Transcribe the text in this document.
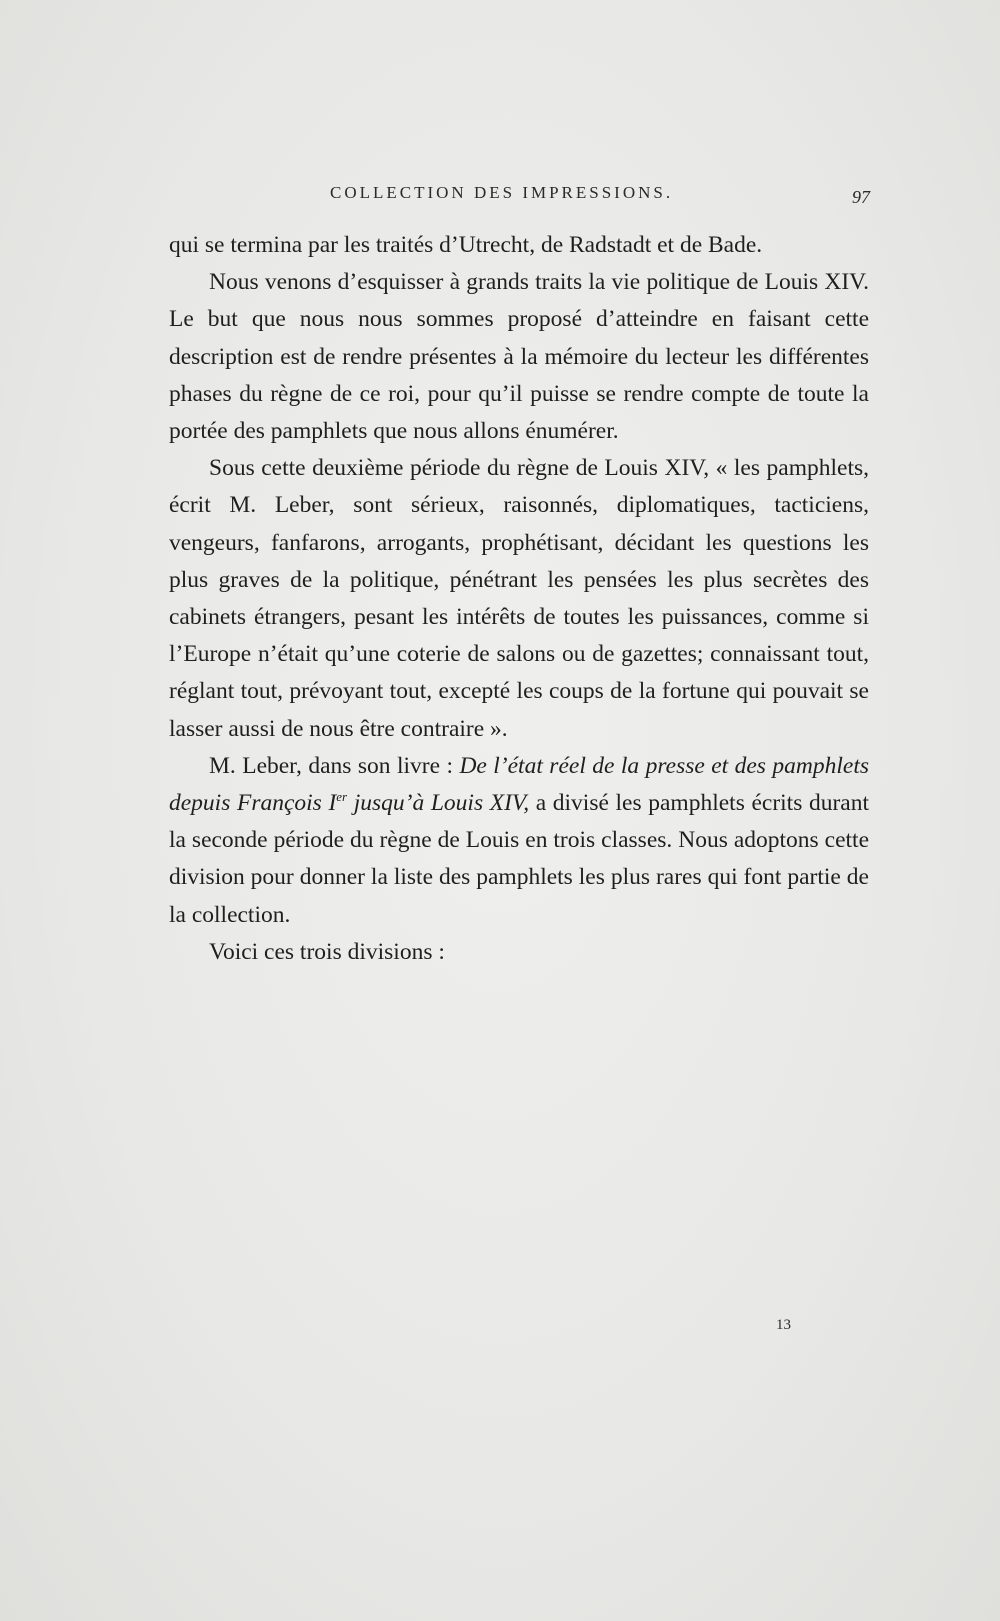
COLLECTION DES IMPRESSIONS.	97

qui se termina par les traités d’Utrecht, de Radstadt et de Bade.

Nous venons d’esquisser à grands traits la vie politique de Louis XIV. Le but que nous nous sommes proposé d’atteindre en faisant cette description est de rendre présentes à la mémoire du lecteur les différentes phases du règne de ce roi, pour qu’il puisse se rendre compte de toute la portée des pamphlets que nous allons énumérer.

Sous cette deuxième période du règne de Louis XIV, « les pamphlets, écrit M. Leber, sont sérieux, raisonnés, diplomatiques, tacticiens, vengeurs, fanfarons, arrogants, prophétisant, décidant les questions les plus graves de la politique, pénétrant les pensées les plus secrètes des cabinets étrangers, pesant les intérêts de toutes les puissances, comme si l’Europe n’était qu’une coterie de salons ou de gazettes; connaissant tout, réglant tout, prévoyant tout, excepté les coups de la fortune qui pouvait se lasser aussi de nous être contraire ».

M. Leber, dans son livre : De l’état réel de la presse et des pamphlets depuis François Ier jusqu’à Louis XIV, a divisé les pamphlets écrits durant la seconde période du règne de Louis en trois classes. Nous adoptons cette division pour donner la liste des pamphlets les plus rares qui font partie de la collection.

Voici ces trois divisions :

13
